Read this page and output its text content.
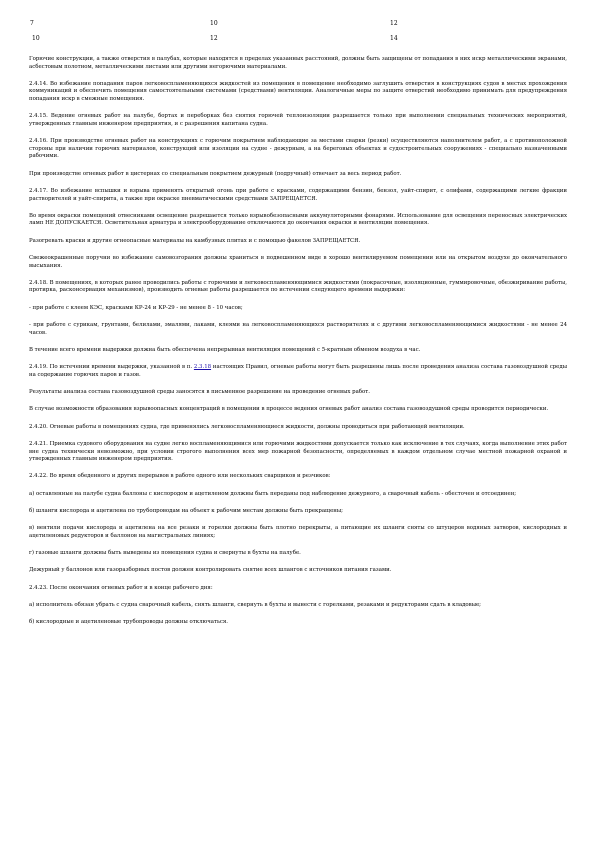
7	10	12
10	12	14

Горючие конструкции, а также отверстия в палубах, которые находятся в пределах указанных расстояний, должны быть защищены от попадания в них искр металлическими экранами, асбестовым полотном, металлическими листами или другими негорючими материалами.

2.4.14. Во избежание попадания паров легковоспламеняющихся жидкостей из помещения в помещение необходимо заглушить отверстия в конструкциях судов в местах прохождения коммуникаций и обеспечить помещения самостоятельными системами (средствами) вентиляции. Аналогичные меры по защите отверстий необходимо принимать для предупреждения попадания искр в смежные помещения.

2.4.15. Ведение огневых работ на палубе, бортах и переборках без снятия горючей теплоизоляции разрешается только при выполнении специальных технических мероприятий, утвержденных главным инженером предприятия, и с разрешения капитана судна.

2.4.16. При производстве огневых работ на конструкциях с горючим покрытием наблюдающие за местами сварки (резки) осуществляются наполнителем работ, а с противоположной стороны при наличии горючих материалов, конструкций или изоляции на судне - дежурным, а на береговых объектах и судостроительных сооружениях - специально назначенными рабочими.

При производстве огневых работ в цистернах со специальным покрытием дежурный (подручный) отвечает за весь период работ.

2.4.17. Во избежание вспышки и взрыва применять открытый огонь при работе с красками, содержащими бензин, бензол, уайт-спирит, с олифами, содержащими легкие фракции растворителей и уайт-спирита, а также при окраске пневматическими средствами ЗАПРЕЩАЕТСЯ.

Во время окраски помещений отвесниками освещение разрешается только взрывобезопасными аккумуляторными фонарями. Использование для освещения переносных электрических ламп НЕ ДОПУСКАЕТСЯ. Осветительная арматура и электрооборудование отключаются до окончания окраски и вентиляции помещения.

Разогревать краски и другие огнеопасные материалы на камбузных плитах и с помощью факелов ЗАПРЕЩАЕТСЯ.

Свежеокрашенные поручни во избежание самовозгорания должны храниться в подвешенном виде в хорошо вентилируемом помещении или на открытом воздухе до окончательного высыхания.

2.4.18. В помещениях, в которых ранее проводились работы с горючими и легковоспламеняющимися жидкостями (покрасочные, изоляционные, гуммировочные, обезжиривание работы, протирка, расконсервация механизмов), производить огневые работы разрешается по истечении следующего времени выдержки:

- при работе с клеем КЭС, красками КР-24 и КР-29 - не менее 8 - 10 часов;

- при работе с сурикам, грунтами, белилами, эмалями, лаками, клеями на легковоспламеняющихся растворителях и с другими легковоспламеняющимися жидкостями - не менее 24 часов.

В течение всего времени выдержки должна быть обеспечена непрерывная вентиляция помещений с 5-кратным обменом воздуха в час.

2.4.19. По истечении времени выдержки, указанной в п. 2.3.18 настоящих Правил, огневые работы могут быть разрешены лишь после проведения анализа состава газовоздушной среды на содержание горючих паров и газов.

Результаты анализа состава газовоздушной среды заносятся в письменное разрешение на проведение огневых работ.

В случае возможности образования взрывоопасных концентраций в помещении в процессе ведения огневых работ анализ состава газовоздушной среды проводится периодически.

2.4.20. Огневые работы в помещениях судна, где применялись легковоспламеняющиеся жидкости, должны проводиться при работающей вентиляции.

2.4.21. Приемка судового оборудования на судне легко воспламеняющимися или горючими жидкостями допускается только как исключение в тех случаях, когда выполнение этих работ вне судна технически невозможно, при условии строгого выполнения всех мер пожарной безопасности, определяемых в каждом отдельном случае местной пожарной охраной и утвержденных главным инженером предприятия.

2.4.22. Во время обеденного и других перерывов в работе одного или нескольких сварщиков и резчиков:

а) оставленные на палубе судна баллоны с кислородом и ацетиленом должны быть переданы под наблюдение дежурного, а сварочный кабель - обесточен и отсоединен;

б) шланги кислорода и ацетилена по трубопроводам на объект к рабочим местам должны быть прекращены;

в) вентили подачи кислорода и ацетилена на все резаки и горелки должны быть плотно перекрыты, а питающие их шланги сняты со штуцеров водяных затворов, кислородных и ацетиленовых редукторов и баллонов на магистральных линиях;

г) газовые шланги должны быть выведены из помещения судна и свернуты в бухты на палубе.

Дежурный у баллонов или газоразборных постов должен контролировать снятие всех шлангов с источников питания газами.

2.4.23. После окончания огневых работ и в конце рабочего дня:

а) исполнитель обязан убрать с судна сварочный кабель, снять шланги, свернуть в бухты и вынести с горелками, резаками и редукторами сдать в кладовые;

б) кислородные и ацетиленовые трубопроводы должны отключаться.
